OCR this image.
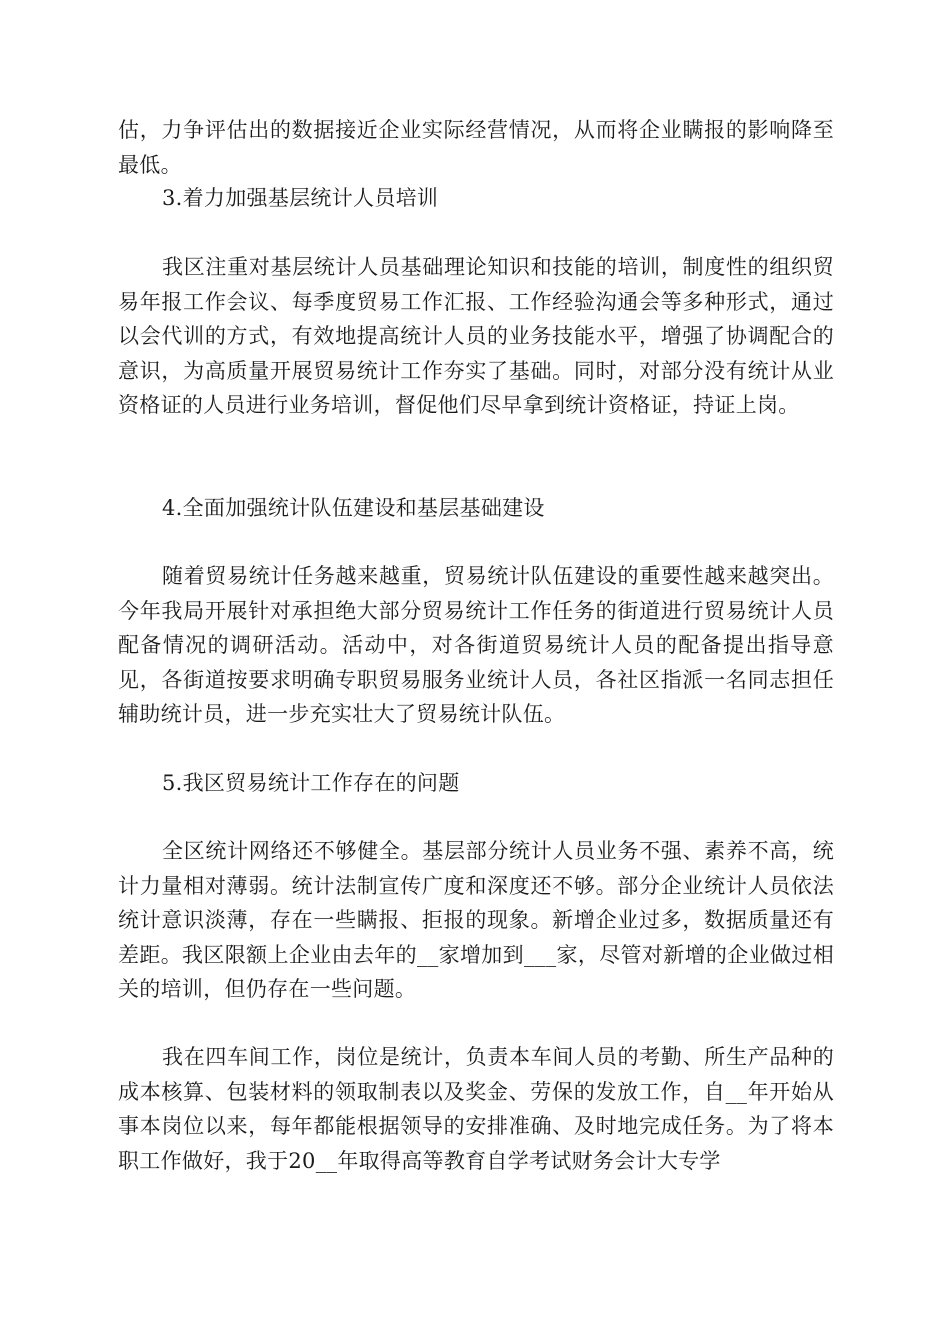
估，力争评估出的数据接近企业实际经营情况，从而将企业瞒报的影响降至最低。

3.着力加强基层统计人员培训

我区注重对基层统计人员基础理论知识和技能的培训，制度性的组织贸易年报工作会议、每季度贸易工作汇报、工作经验沟通会等多种形式，通过以会代训的方式，有效地提高统计人员的业务技能水平，增强了协调配合的意识，为高质量开展贸易统计工作夯实了基础。同时，对部分没有统计从业资格证的人员进行业务培训，督促他们尽早拿到统计资格证，持证上岗。

4.全面加强统计队伍建设和基层基础建设

随着贸易统计任务越来越重，贸易统计队伍建设的重要性越来越突出。今年我局开展针对承担绝大部分贸易统计工作任务的街道进行贸易统计人员配备情况的调研活动。活动中，对各街道贸易统计人员的配备提出指导意见，各街道按要求明确专职贸易服务业统计人员，各社区指派一名同志担任辅助统计员，进一步充实壮大了贸易统计队伍。

5.我区贸易统计工作存在的问题

全区统计网络还不够健全。基层部分统计人员业务不强、素养不高，统计力量相对薄弱。统计法制宣传广度和深度还不够。部分企业统计人员依法统计意识淡薄，存在一些瞒报、拒报的现象。新增企业过多，数据质量还有差距。我区限额上企业由去年的__家增加到___家，尽管对新增的企业做过相关的培训，但仍存在一些问题。

我在四车间工作，岗位是统计，负责本车间人员的考勤、所生产品种的成本核算、包装材料的领取制表以及奖金、劳保的发放工作，自__年开始从事本岗位以来，每年都能根据领导的安排准确、及时地完成任务。为了将本职工作做好，我于20__年取得高等教育自学考试财务会计大专学
